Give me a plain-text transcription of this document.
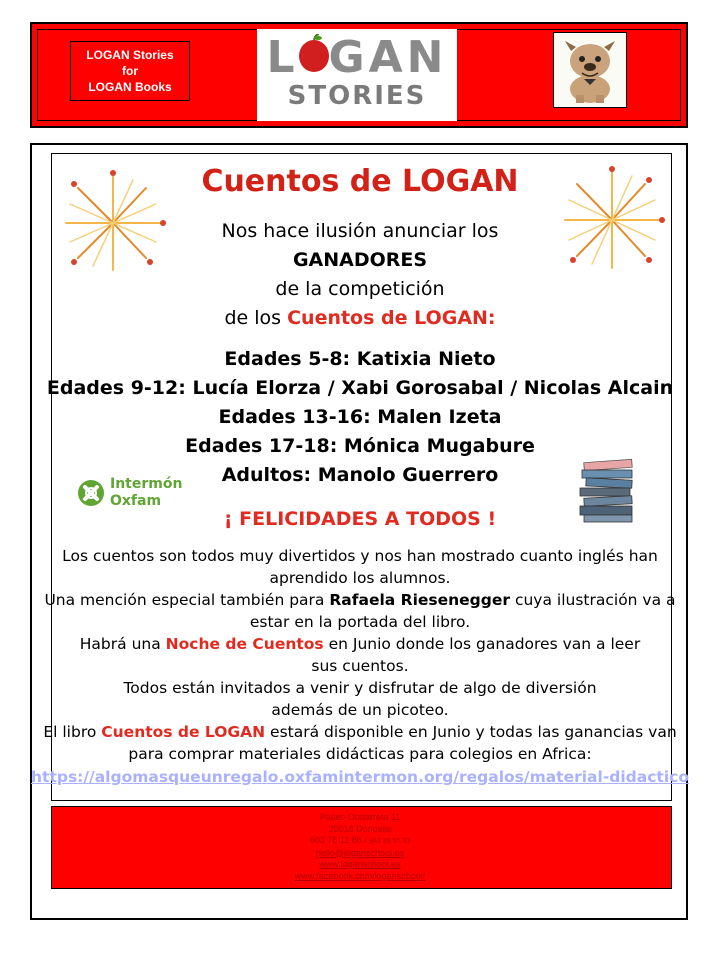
LOGAN Stories
for
LOGAN Books
L GAN
STORIES
Cuentos de LOGAN
Nos hace ilusión anunciar los
GANADORES
de la competición
de los Cuentos de LOGAN:
Edades 5-8: Katixia Nieto
Edades 9-12: Lucía Elorza / Xabi Gorosabal / Nicolas Alcain
Edades 13-16: Malen Izeta
Edades 17-18: Mónica Mugabure
Adultos: Manolo Guerrero
Intermón
Oxfam
¡ FELICIDADES A TODOS !
Los cuentos son todos muy divertidos y nos han mostrado cuanto inglés han
aprendido los alumnos.
Una mención especial también para Rafaela Riesenegger cuya ilustración va a
estar en la portada del libro.
Habrá una Noche de Cuentos en Junio donde los ganadores van a leer
sus cuentos.
Todos están invitados a venir y disfrutar de algo de diversión
además de un picoteo.
El libro Cuentos de LOGAN estará disponible en Junio y todas las ganancias van
para comprar materiales didácticas para colegios en Africa:
https://algomasqueunregalo.oxfamintermon.org/regalos/material-didactico
Paseo Ondarreta 11
20018 Donostia
603 76 11 86 / 943 26 57 33
hello@loganschool.es
www.loganschool.es
www.facebook.com/loganschool/
